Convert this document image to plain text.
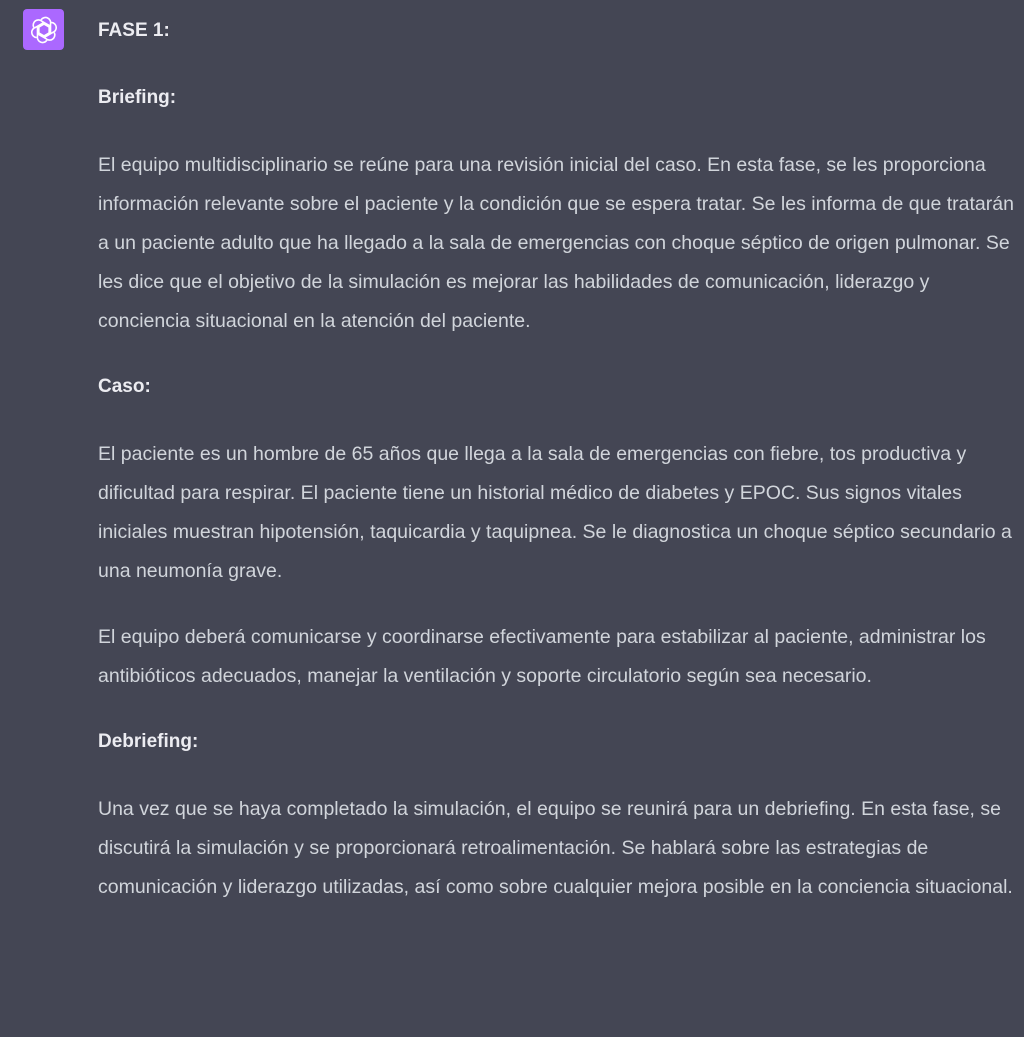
FASE 1:

Briefing:

El equipo multidisciplinario se reúne para una revisión inicial del caso. En esta fase, se les proporciona información relevante sobre el paciente y la condición que se espera tratar. Se les informa de que tratarán a un paciente adulto que ha llegado a la sala de emergencias con choque séptico de origen pulmonar. Se les dice que el objetivo de la simulación es mejorar las habilidades de comunicación, liderazgo y conciencia situacional en la atención del paciente.

Caso:

El paciente es un hombre de 65 años que llega a la sala de emergencias con fiebre, tos productiva y dificultad para respirar. El paciente tiene un historial médico de diabetes y EPOC. Sus signos vitales iniciales muestran hipotensión, taquicardia y taquipnea. Se le diagnostica un choque séptico secundario a una neumonía grave.

El equipo deberá comunicarse y coordinarse efectivamente para estabilizar al paciente, administrar los antibióticos adecuados, manejar la ventilación y soporte circulatorio según sea necesario.

Debriefing:

Una vez que se haya completado la simulación, el equipo se reunirá para un debriefing. En esta fase, se discutirá la simulación y se proporcionará retroalimentación. Se hablará sobre las estrategias de comunicación y liderazgo utilizadas, así como sobre cualquier mejora posible en la conciencia situacional.
